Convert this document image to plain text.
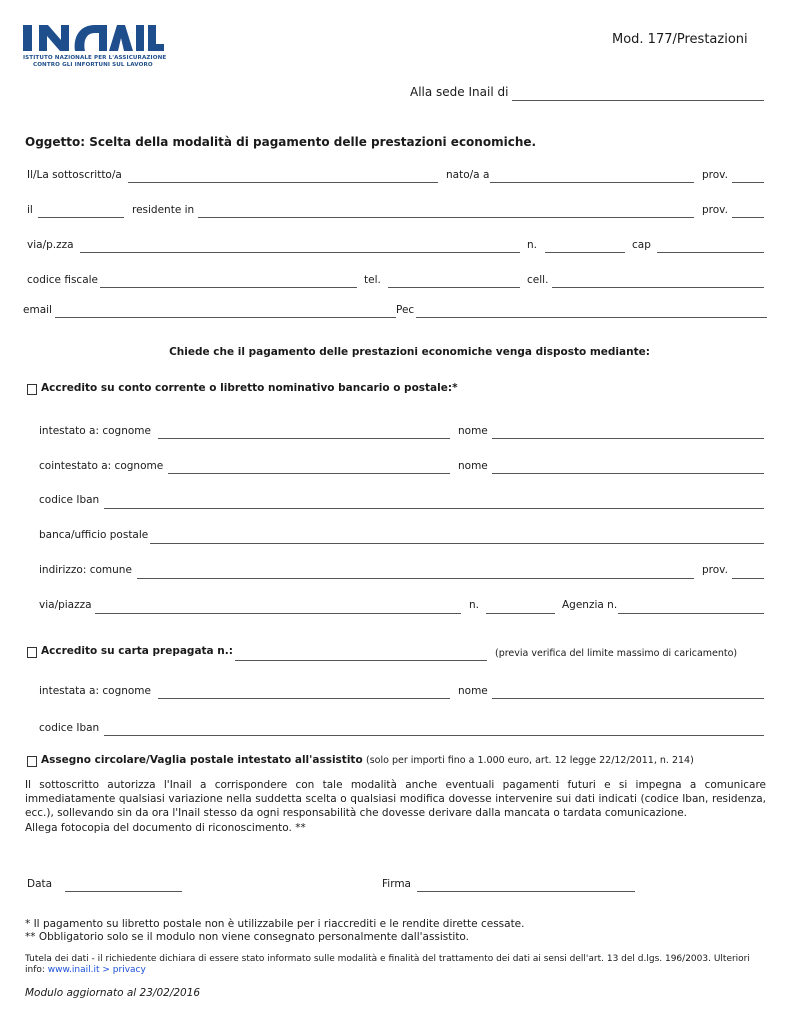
ISTITUTO NAZIONALE PER L'ASSICURAZIONE
CONTRO GLI INFORTUNI SUL LAVORO
Mod. 177/Prestazioni
Alla sede Inail di
Oggetto: Scelta della modalità di pagamento delle prestazioni economiche.
Il/La sottoscritto/a	nato/a a	prov.
il	residente in	prov.
via/p.zza	n.	cap
codice fiscale	tel.	cell.
email	Pec
Chiede che il pagamento delle prestazioni economiche venga disposto mediante:
Accredito su conto corrente o libretto nominativo bancario o postale:*
intestato a: cognome	nome
cointestato a: cognome	nome
codice Iban
banca/ufficio postale
indirizzo: comune	prov.
via/piazza	n.	Agenzia n.
Accredito su carta prepagata n.:	(previa verifica del limite massimo di caricamento)
intestata a: cognome	nome
codice Iban
Assegno circolare/Vaglia postale intestato all'assistito (solo per importi fino a 1.000 euro, art. 12 legge 22/12/2011, n. 214)
Il sottoscritto autorizza l'Inail a corrispondere con tale modalità anche eventuali pagamenti futuri e si impegna a comunicare immediatamente qualsiasi variazione nella suddetta scelta o qualsiasi modifica dovesse intervenire sui dati indicati (codice Iban, residenza, ecc.), sollevando sin da ora l'Inail stesso da ogni responsabilità che dovesse derivare dalla mancata o tardata comunicazione.
Allega fotocopia del documento di riconoscimento. **
Data	Firma
* Il pagamento su libretto postale non è utilizzabile per i riaccrediti e le rendite dirette cessate.
** Obbligatorio solo se il modulo non viene consegnato personalmente dall'assistito.
Tutela dei dati - il richiedente dichiara di essere stato informato sulle modalità e finalità del trattamento dei dati ai sensi dell'art. 13 del d.lgs. 196/2003. Ulteriori
info: www.inail.it > privacy
Modulo aggiornato al 23/02/2016
